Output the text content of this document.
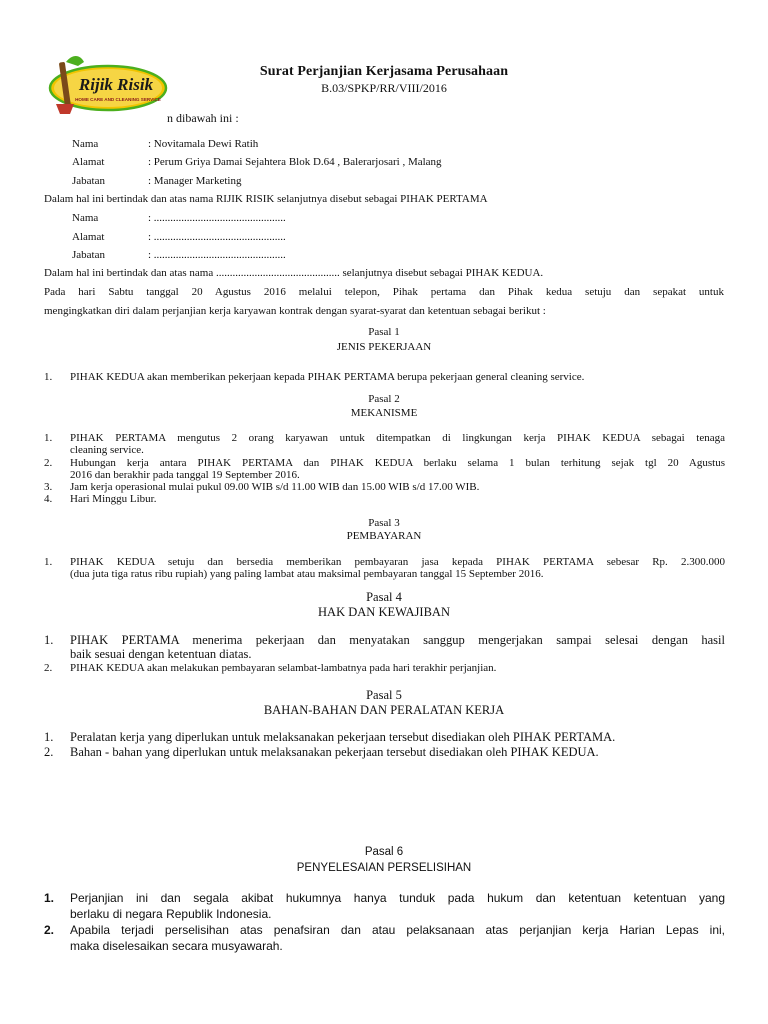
Rijik Risik
HOME CARE AND CLEANING SERVICE
Surat Perjanjian Kerjasama Perusahaan
B.03/SPKP/RR/VIII/2016
n dibawah ini :
Nama	: Novitamala Dewi Ratih
Alamat	: Perum Griya Damai Sejahtera Blok D.64 , Balerarjosari , Malang
Jabatan	: Manager Marketing
Dalam hal ini bertindak dan atas nama RIJIK RISIK selanjutnya disebut sebagai PIHAK PERTAMA
Nama	: ................................................
Alamat	: ................................................
Jabatan	: ................................................
Dalam hal ini bertindak dan atas nama ............................................. selanjutnya disebut sebagai PIHAK KEDUA.
Pada hari Sabtu tanggal 20 Agustus 2016 melalui telepon, Pihak pertama dan Pihak kedua setuju dan sepakat untuk
mengingkatkan diri dalam perjanjian kerja karyawan kontrak dengan syarat-syarat dan ketentuan sebagai berikut :
Pasal 1
JENIS PEKERJAAN
1.	PIHAK KEDUA akan memberikan pekerjaan kepada PIHAK PERTAMA berupa pekerjaan general cleaning service.
Pasal 2
MEKANISME
1.	PIHAK PERTAMA mengutus 2 orang karyawan untuk ditempatkan di lingkungan kerja PIHAK KEDUA sebagai tenaga
cleaning service.
2.	Hubungan kerja antara PIHAK PERTAMA dan PIHAK KEDUA berlaku selama 1 bulan terhitung sejak tgl 20 Agustus
2016 dan berakhir pada tanggal 19 September 2016.
3.	Jam kerja operasional mulai pukul 09.00 WIB s/d 11.00 WIB dan 15.00 WIB s/d 17.00 WIB.
4.	Hari Minggu Libur.
Pasal 3
PEMBAYARAN
1.	PIHAK KEDUA setuju dan bersedia memberikan pembayaran jasa kepada PIHAK PERTAMA sebesar Rp. 2.300.000
(dua juta tiga ratus ribu rupiah) yang paling lambat atau maksimal pembayaran tanggal 15 September 2016.
Pasal 4
HAK DAN KEWAJIBAN
1.	PIHAK PERTAMA menerima pekerjaan dan menyatakan sanggup mengerjakan sampai selesai dengan hasil
baik sesuai dengan ketentuan diatas.
2.	PIHAK KEDUA akan melakukan pembayaran selambat-lambatnya pada hari terakhir perjanjian.
Pasal 5
BAHAN-BAHAN DAN PERALATAN KERJA
1.	Peralatan kerja yang diperlukan untuk melaksanakan pekerjaan tersebut disediakan oleh PIHAK PERTAMA.
2.	Bahan - bahan yang diperlukan untuk melaksanakan pekerjaan tersebut disediakan oleh PIHAK KEDUA.
Pasal 6
PENYELESAIAN PERSELISIHAN
1.	Perjanjian ini dan segala akibat hukumnya hanya tunduk pada hukum dan ketentuan ketentuan yang
berlaku di negara Republik Indonesia.
2.	Apabila terjadi perselisihan atas penafsiran dan atau pelaksanaan atas perjanjian kerja Harian Lepas ini,
maka diselesaikan secara musyawarah.
